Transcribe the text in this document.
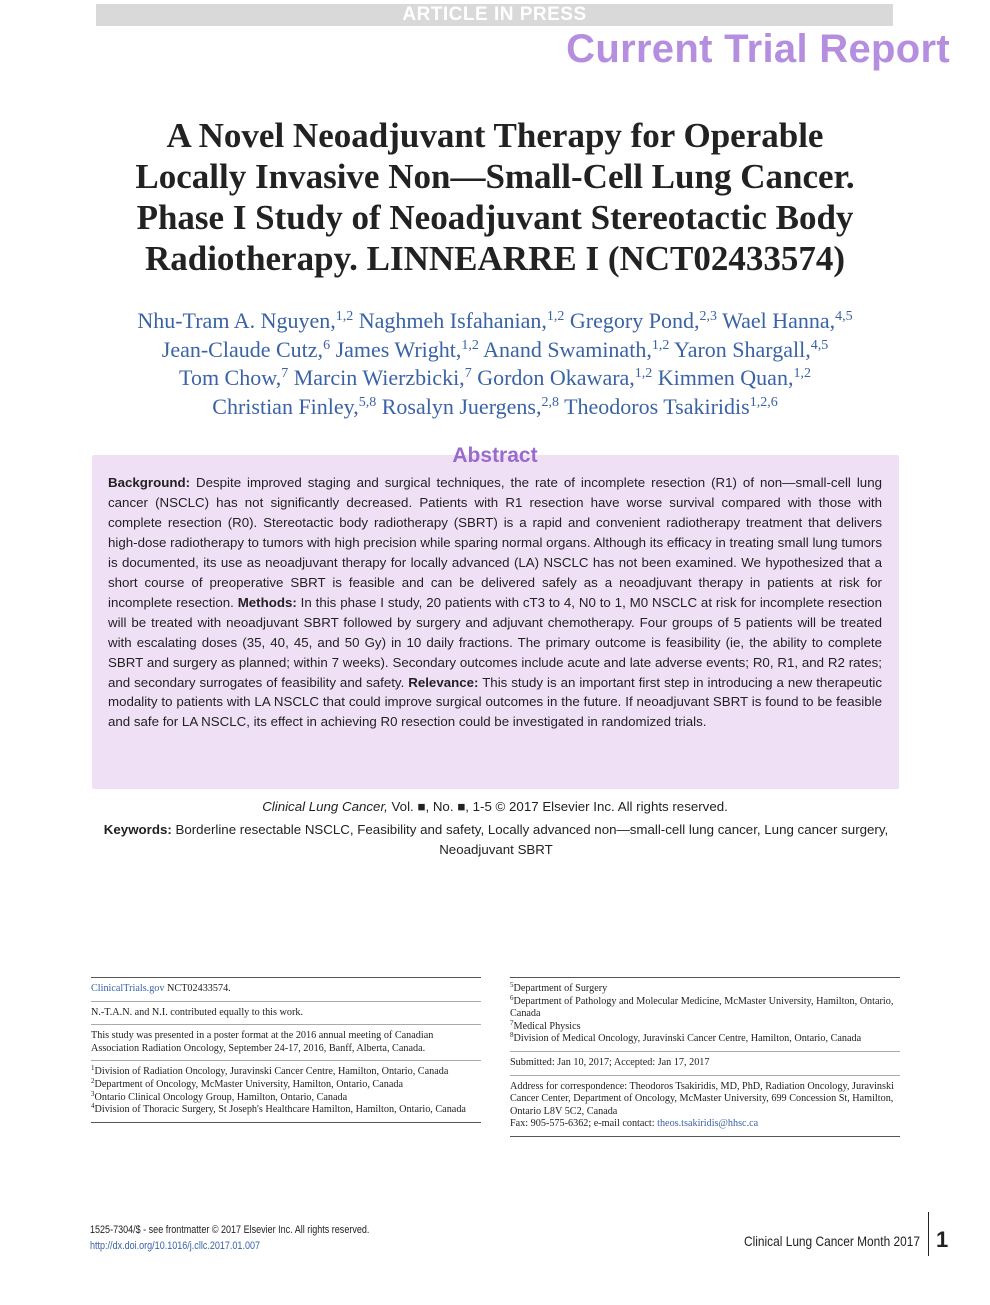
ARTICLE IN PRESS
Current Trial Report
A Novel Neoadjuvant Therapy for Operable
Locally Invasive Non—Small-Cell Lung Cancer.
Phase I Study of Neoadjuvant Stereotactic Body
Radiotherapy. LINNEARRE I (NCT02433574)
Nhu-Tram A. Nguyen,$^{1,2}$ Naghmeh Isfahanian,$^{1,2}$ Gregory Pond,$^{2,3}$ Wael Hanna,$^{4,5}$
Jean-Claude Cutz,$^6$ James Wright,$^{1,2}$ Anand Swaminath,$^{1,2}$ Yaron Shargall,$^{4,5}$
Tom Chow,$^7$ Marcin Wierzbicki,$^7$ Gordon Okawara,$^{1,2}$ Kimmen Quan,$^{1,2}$
Christian Finley,$^{5,8}$ Rosalyn Juergens,$^{2,8}$ Theodoros Tsakiridis$^{1,2,6}$
Abstract
Background: Despite improved staging and surgical techniques, the rate of incomplete resection (R1) of non—small-cell lung cancer (NSCLC) has not significantly decreased. Patients with R1 resection have worse survival compared with those with complete resection (R0). Stereotactic body radiotherapy (SBRT) is a rapid and convenient radiotherapy treatment that delivers high-dose radiotherapy to tumors with high precision while sparing normal organs. Although its efficacy in treating small lung tumors is documented, its use as neoadjuvant therapy for locally advanced (LA) NSCLC has not been examined. We hypothesized that a short course of preoperative SBRT is feasible and can be delivered safely as a neoadjuvant therapy in patients at risk for incomplete resection. Methods: In this phase I study, 20 patients with cT3 to 4, N0 to 1, M0 NSCLC at risk for incomplete resection will be treated with neoadjuvant SBRT followed by surgery and adjuvant chemotherapy. Four groups of 5 patients will be treated with escalating doses (35, 40, 45, and 50 Gy) in 10 daily fractions. The primary outcome is feasibility (ie, the ability to complete SBRT and surgery as planned; within 7 weeks). Secondary outcomes include acute and late adverse events; R0, R1, and R2 rates; and secondary surrogates of feasibility and safety. Relevance: This study is an important first step in introducing a new therapeutic modality to patients with LA NSCLC that could improve surgical outcomes in the future. If neoadjuvant SBRT is found to be feasible and safe for LA NSCLC, its effect in achieving R0 resection could be investigated in randomized trials.
Clinical Lung Cancer, Vol. ■, No. ■, 1-5 © 2017 Elsevier Inc. All rights reserved.
Keywords: Borderline resectable NSCLC, Feasibility and safety, Locally advanced non—small-cell lung cancer, Lung cancer surgery, Neoadjuvant SBRT
ClinicalTrials.gov NCT02433574.
N.-T.A.N. and N.I. contributed equally to this work.
This study was presented in a poster format at the 2016 annual meeting of Canadian Association Radiation Oncology, September 24-17, 2016, Banff, Alberta, Canada.
$^1$Division of Radiation Oncology, Juravinski Cancer Centre, Hamilton, Ontario, Canada
$^2$Department of Oncology, McMaster University, Hamilton, Ontario, Canada
$^3$Ontario Clinical Oncology Group, Hamilton, Ontario, Canada
$^4$Division of Thoracic Surgery, St Joseph's Healthcare Hamilton, Hamilton, Ontario, Canada
$^5$Department of Surgery
$^6$Department of Pathology and Molecular Medicine, McMaster University, Hamilton, Ontario, Canada
$^7$Medical Physics
$^8$Division of Medical Oncology, Juravinski Cancer Centre, Hamilton, Ontario, Canada
Submitted: Jan 10, 2017; Accepted: Jan 17, 2017
Address for correspondence: Theodoros Tsakiridis, MD, PhD, Radiation Oncology, Juravinski Cancer Center, Department of Oncology, McMaster University, 699 Concession St, Hamilton, Ontario L8V 5C2, Canada
Fax: 905-575-6362; e-mail contact: theos.tsakiridis@hhsc.ca
1525-7304/$ - see frontmatter © 2017 Elsevier Inc. All rights reserved.
http://dx.doi.org/10.1016/j.cllc.2017.01.007	Clinical Lung Cancer Month 2017 1
